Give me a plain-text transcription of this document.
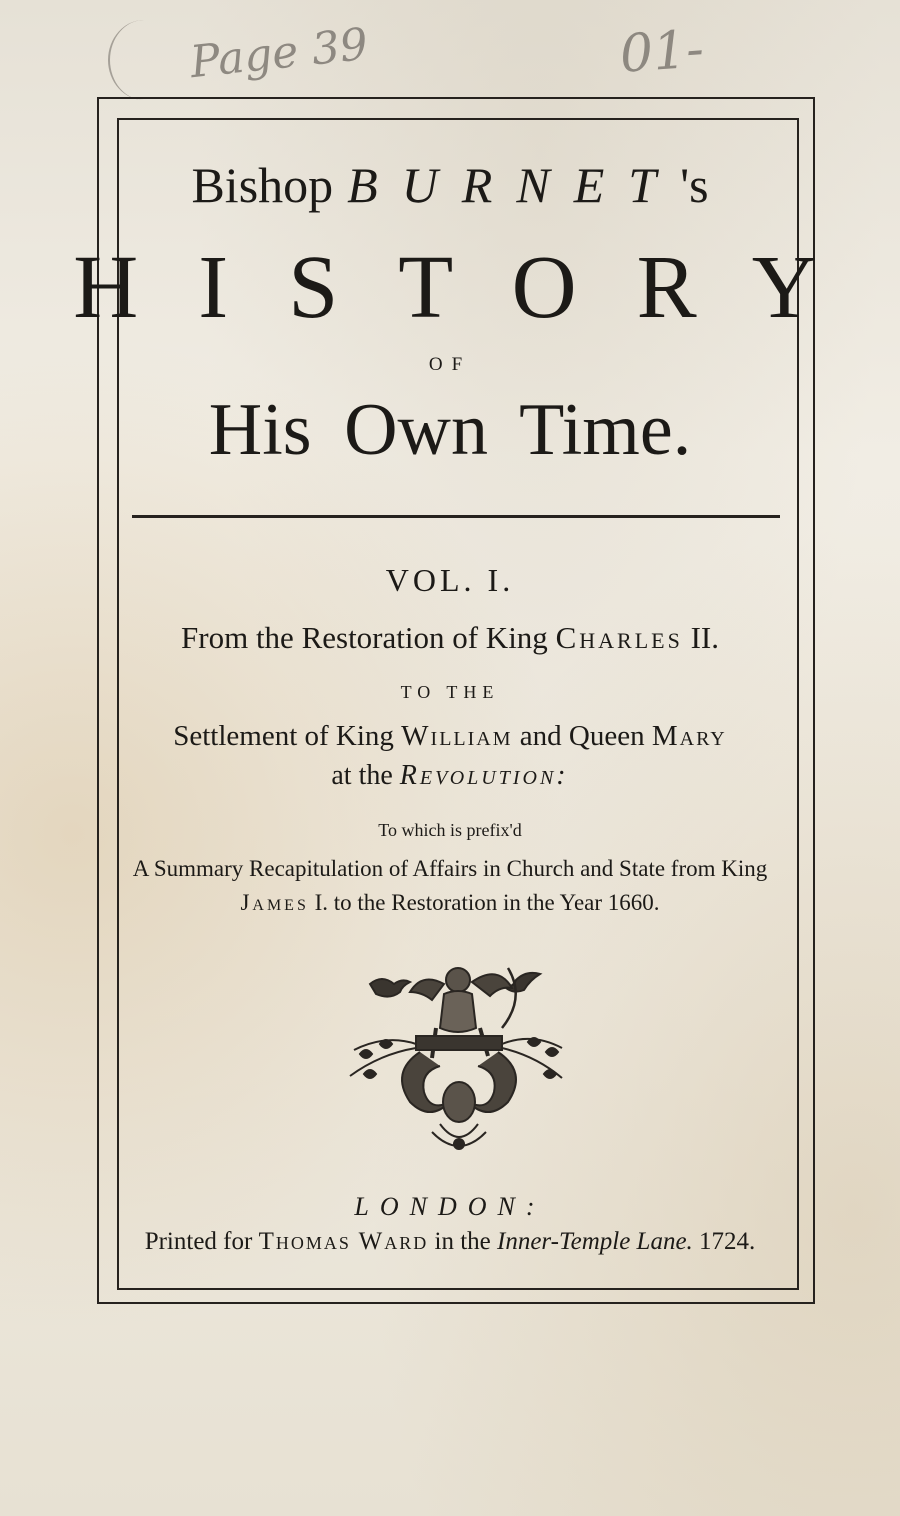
Page 39	01-
Bishop BURNET's
HISTORY
OF
His Own Time.
VOL. I.
From the Restoration of King Charles II.
TO THE
Settlement of King William and Queen Mary
at the Revolution:
To which is prefix'd
A Summary Recapitulation of Affairs in Church and State from King
James I. to the Restoration in the Year 1660.
LONDON:
Printed for Thomas Ward in the Inner-Temple Lane. 1724.
